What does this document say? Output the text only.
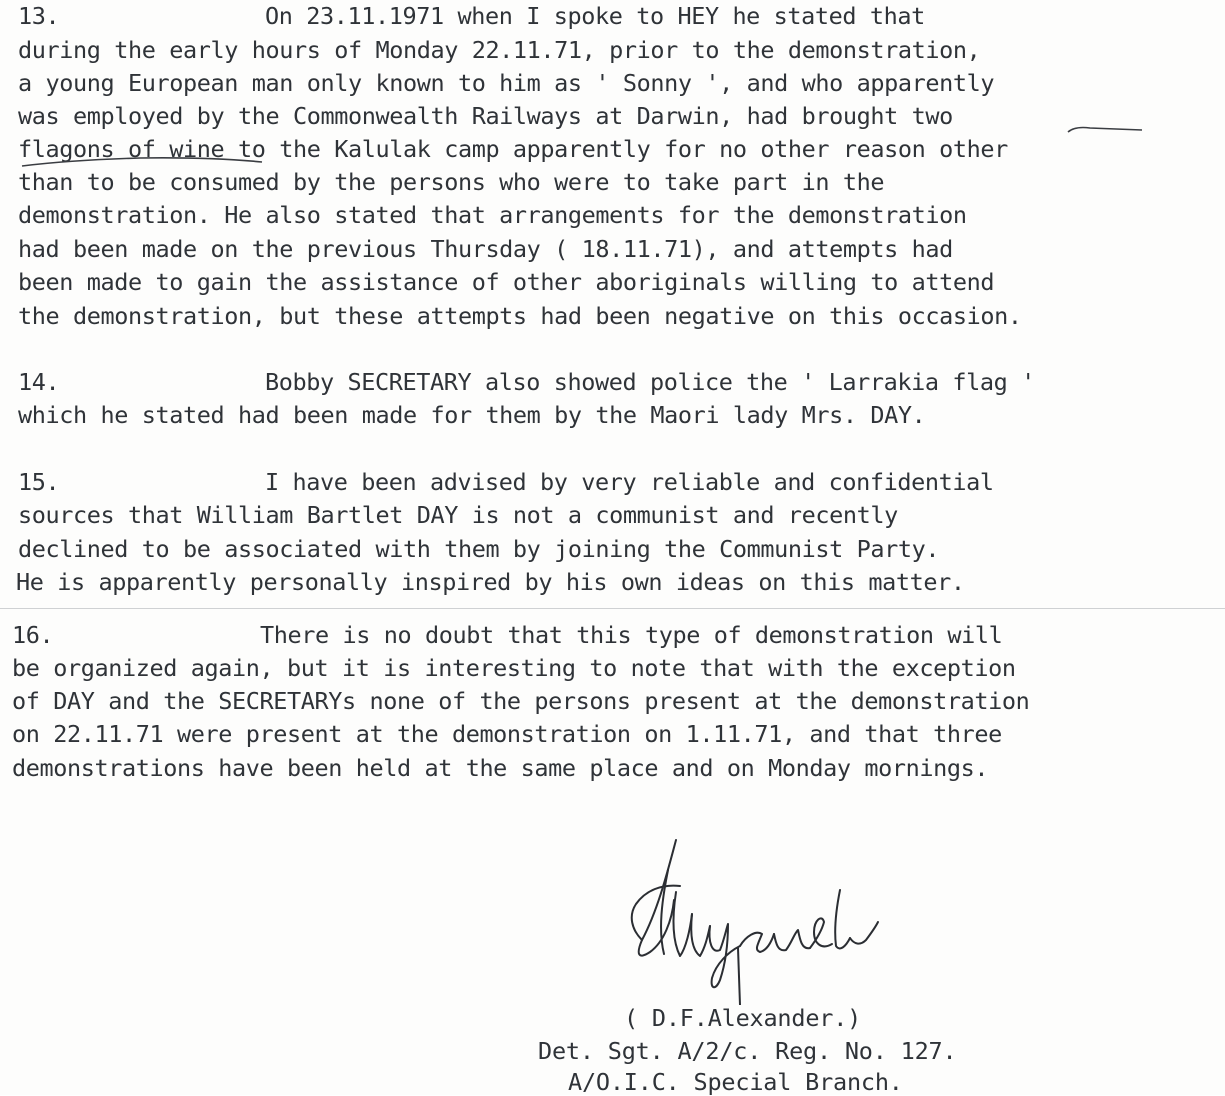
13.	On 23.11.1971 when I spoke to HEY he stated that
during the early hours of Monday 22.11.71, prior to the demonstration,
a young European man only known to him as ' Sonny ', and who apparently
was employed by the Commonwealth Railways at Darwin, had brought two
flagons of wine to the Kalulak camp apparently for no other reason other
than to be consumed by the persons who were to take part in the
demonstration. He also stated that arrangements for the demonstration
had been made on the previous Thursday ( 18.11.71), and attempts had
been made to gain the assistance of other aboriginals willing to attend
the demonstration, but these attempts had been negative on this occasion.
14.	Bobby SECRETARY also showed police the ' Larrakia flag '
which he stated had been made for them by the Maori lady Mrs. DAY.
15.	I have been advised by very reliable and confidential
sources that William Bartlet DAY is not a communist and recently
declined to be associated with them by joining the Communist Party.
He is apparently personally inspired by his own ideas on this matter.
16.	There is no doubt that this type of demonstration will
be organized again, but it is interesting to note that with the exception
of DAY and the SECRETARYs none of the persons present at the demonstration
on 22.11.71 were present at the demonstration on 1.11.71, and that three
demonstrations have been held at the same place and on Monday mornings.
( D.F.Alexander.)
Det. Sgt. A/2/c. Reg. No. 127.
A/O.I.C. Special Branch.
